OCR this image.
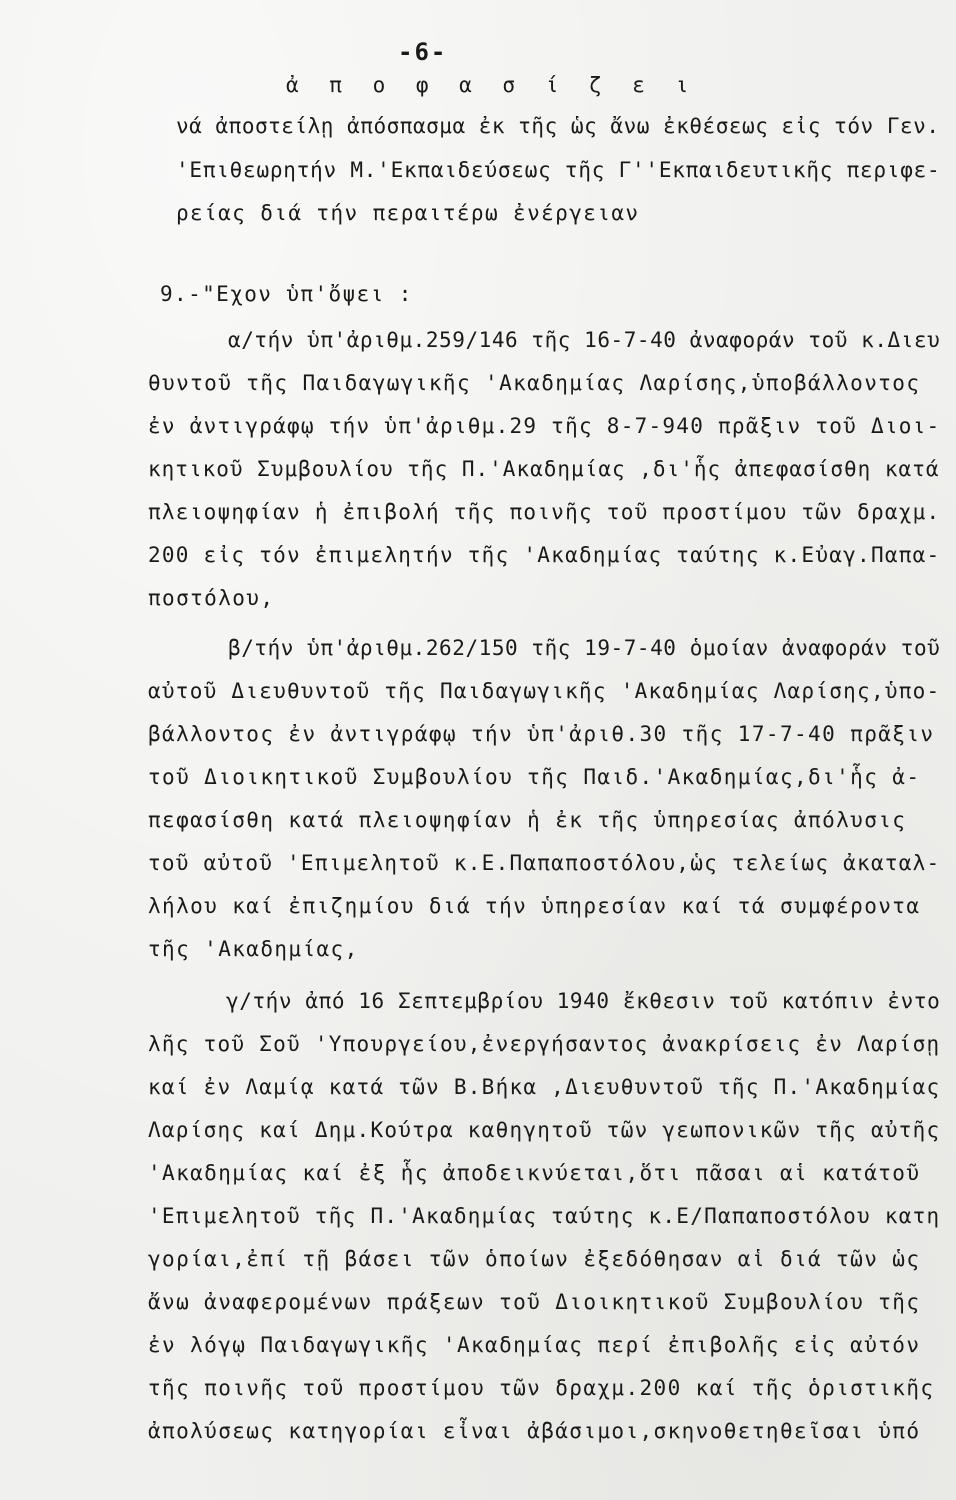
-6-
ἀ π ο φ α σ ί ζ ε ι
νά ἀποστείλῃ ἀπόσπασμα ἐκ τῆς ὡς ἄνω ἐκθέσεως εἰς τόν Γεν.
'Επιθεωρητήν Μ.'Εκπαιδεύσεως τῆς Γ''Εκπαιδευτικῆς περιφε-
ρείας διά τήν περαιτέρω ἐνέργειαν
9.-"Εχον ὑπ'ὄψει :
α/τήν ὑπ'ἀριθμ.259/146 τῆς 16-7-40 ἀναφοράν τοῦ κ.Διευ
θυντοῦ τῆς Παιδαγωγικῆς 'Ακαδημίας Λαρίσης,ὑποβάλλοντος
ἐν ἀντιγράφῳ τήν ὑπ'ἀριθμ.29 τῆς 8-7-940 πρᾶξιν τοῦ Διοι-
κητικοῦ Συμβουλίου τῆς Π.'Ακαδημίας ,δι'ἧς ἀπεφασίσθη κατά
πλειοψηφίαν ἡ ἐπιβολή τῆς ποινῆς τοῦ προστίμου τῶν δραχμ.
200 εἰς τόν ἐπιμελητήν τῆς 'Ακαδημίας ταύτης κ.Εὐαγ.Παπα-
ποστόλου,
β/τήν ὑπ'ἀριθμ.262/150 τῆς 19-7-40 ὁμοίαν ἀναφοράν τοῦ
αὐτοῦ Διευθυντοῦ τῆς Παιδαγωγικῆς 'Ακαδημίας Λαρίσης,ὑπο-
βάλλοντος ἐν ἀντιγράφῳ τήν ὑπ'ἀριθ.30 τῆς 17-7-40 πρᾶξιν
τοῦ Διοικητικοῦ Συμβουλίου τῆς Παιδ.'Ακαδημίας,δι'ἧς ἀ-
πεφασίσθη κατά πλειοψηφίαν ἡ ἐκ τῆς ὑπηρεσίας ἀπόλυσις
τοῦ αὐτοῦ 'Επιμελητοῦ κ.Ε.Παπαποστόλου,ὡς τελείως ἀκαταλ-
λήλου καί ἐπιζημίου διά τήν ὑπηρεσίαν καί τά συμφέροντα
τῆς 'Ακαδημίας,
γ/τήν ἀπό 16 Σεπτεμβρίου 1940 ἔκθεσιν τοῦ κατόπιν ἐντο
λῆς τοῦ Σοῦ 'Υπουργείου,ἐνεργήσαντος ἀνακρίσεις ἐν Λαρίσῃ
καί ἐν Λαμίᾳ κατά τῶν Β.Βήκα ,Διευθυντοῦ τῆς Π.'Ακαδημίας
Λαρίσης καί Δημ.Κούτρα καθηγητοῦ τῶν γεωπονικῶν τῆς αὐτῆς
'Ακαδημίας καί ἐξ ἧς ἀποδεικνύεται,ὅτι πᾶσαι αἱ κατάτοῦ
'Επιμελητοῦ τῆς Π.'Ακαδημίας ταύτης κ.Ε/Παπαποστόλου κατη
γορίαι,ἐπί τῇ βάσει τῶν ὁποίων ἐξεδόθησαν αἱ διά τῶν ὡς
ἄνω ἀναφερομένων πράξεων τοῦ Διοικητικοῦ Συμβουλίου τῆς
ἐν λόγῳ Παιδαγωγικῆς 'Ακαδημίας περί ἐπιβολῆς εἰς αὐτόν
τῆς ποινῆς τοῦ προστίμου τῶν δραχμ.200 καί τῆς ὁριστικῆς
ἀπολύσεως κατηγορίαι εἶναι ἀβάσιμοι,σκηνοθετηθεῖσαι ὑπό
